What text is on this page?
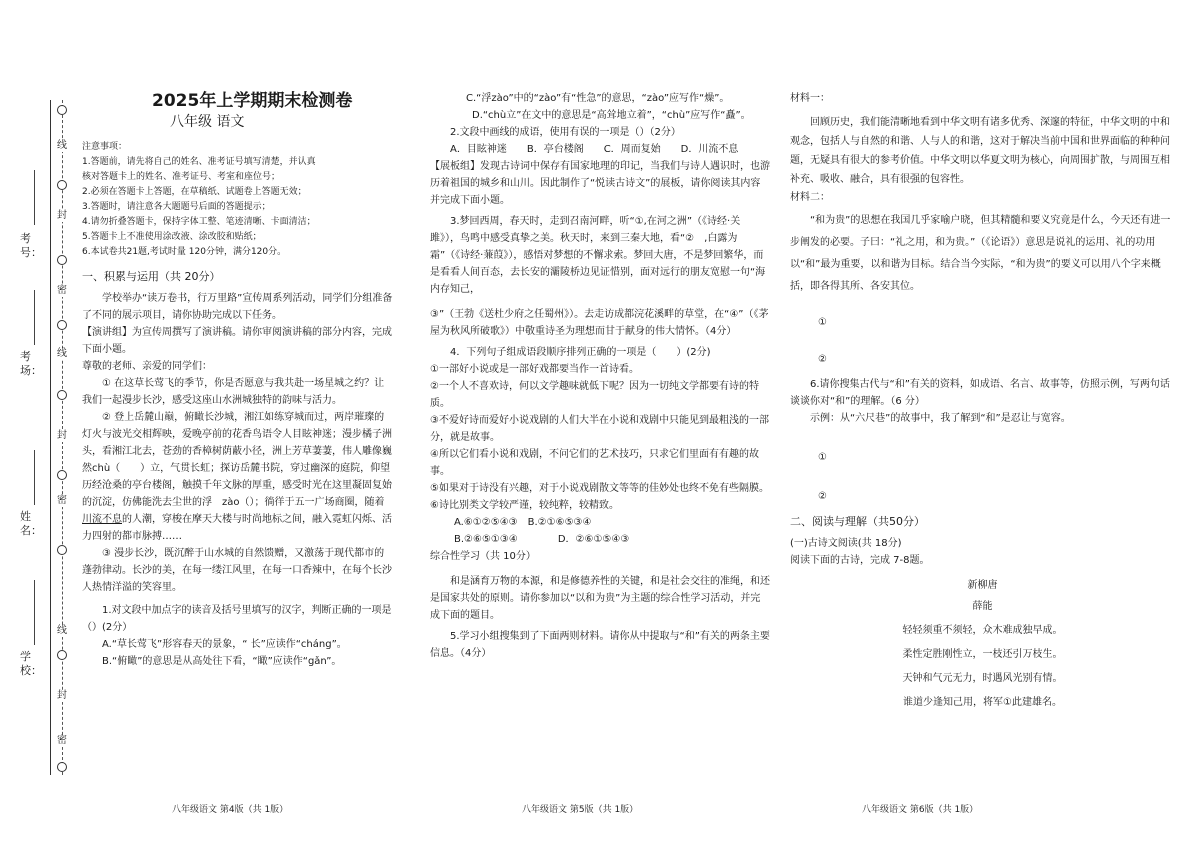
线
封
密
线
封
密
线
封
密
考号：
考场：
姓名：
学校：

2025年上学期期末检测卷

八年级 语文

注意事项：

1.答题前，请先将自己的姓名、准考证号填写清楚，并认真

核对答题卡上的姓名、准考证号、考室和座位号；

2.必须在答题卡上答题，在草稿纸、试题卷上答题无效；

3.答题时，请注意各大题题号后面的答题提示；

4.请勿折叠答题卡，保持字体工整、笔迹清晰、卡面清洁；

5.答题卡上不准使用涂改液、涂改胶和贴纸；

6.本试卷共21题,考试时量 120分钟，满分120分。

一、积累与运用（共 20分）

学校举办“读万卷书，行万里路”宣传周系列活动，同学们分组准备了不同的展示项目，请你协助完成以下任务。

【演讲组】为宣传周撰写了演讲稿。请你审阅演讲稿的部分内容，完成下面小题。

尊敬的老师、亲爱的同学们：

① 在这草长莺飞的季节，你是否愿意与我共赴一场星城之约？让我们一起漫步长沙，感受这座山水洲城独特的韵味与活力。

② 登上岳麓山巅，俯瞰长沙城，湘江如练穿城而过，两岸璀璨的灯火与波光交相辉映，爱晚亭前的花香鸟语令人目眩神迷；漫步橘子洲头，看湘江北去，苍劲的香樟树荫蔽小径，洲上芳草萋萋，伟人雕像巍然chù（　　）立，气贯长虹；探访岳麓书院，穿过幽深的庭院，仰望历经沧桑的亭台楼阁，触摸千年文脉的厚重，感受时光在这里凝固复始的沉淀，仿佛能洗去尘世的浮　zào（）；徜徉于五一广场商圈，随着川流不息的人潮，穿梭在摩天大楼与时尚地标之间，融入霓虹闪烁、活力四射的都市脉搏……

③ 漫步长沙，既沉醉于山水城的自然馈赠，又激荡于现代都市的蓬勃律动。长沙的美，在每一缕江风里，在每一口香辣中，在每个长沙人热情洋溢的笑容里。

1.对文段中加点字的读音及括号里填写的汉字，判断正确的一项是（）(2分）

A.“草长莺飞”形容春天的景象，“ 长”应读作“cháng”。

B.“俯瞰”的意思是从高处往下看，“瞰”应读作“gǎn”。

C.“浮zào”中的“zào”有“性急”的意思，“zào”应写作“燥”。

D.“chù立”在文中的意思是“高耸地立着”，“chù”应写作“矗”。

2.文段中画线的成语，使用有误的一项是（）（2分）

A．目眩神迷　　B．亭台楼阁　　C．周而复始　　D．川流不息

【展板组】发现古诗词中保存有国家地理的印记，当我们与诗人遇识时，也游历着祖国的城乡和山川。因此制作了“悦读古诗文”的展板，请你阅读其内容并完成下面小题。

3.梦回西周，春天时，走到召南河畔，听“①,在河之洲”（《诗经·关雎》），鸟鸣中感受真挚之美。秋天时，来到三秦大地，看“②　,白露为霜”（《诗经·蒹葭》），感悟对梦想的不懈求索。梦回大唐，不是梦回繁华，而是看看人间百态，去长安的灞陵桥边见证惜别，面对远行的朋友宽慰一句“海内存知己，

③”（王勃《送杜少府之任蜀州》）。去走访成都浣花溪畔的草堂，在“④”（《茅屋为秋风所破歌》）中敬重诗圣为理想而甘于献身的伟大情怀。（4分）

4．下列句子组成语段顺序排列正确的一项是（　　）(2分)

①一部好小说或是一部好戏都要当作一首诗看。

②一个人不喜欢诗，何以文学趣味就低下呢？因为一切纯文学都要有诗的特质。

③不爱好诗而爱好小说戏剧的人们大半在小说和戏剧中只能见到最粗浅的一部分，就是故事。

④所以它们看小说和戏剧，不问它们的艺术技巧，只求它们里面有有趣的故事。

⑤如果对于诗没有兴趣，对于小说戏剧散文等等的佳妙处也终不免有些隔膜。

⑥诗比别类文学较严谨，较纯粹，较精致。

A.⑥①②⑤④③　B.②①⑥⑤③④

B.②⑥⑤①③④　　　　D．②⑥①⑤④③

综合性学习（共 10分）

和是涵育万物的本源，和是修德养性的关键，和是社会交往的准绳，和还是国家共处的原则。请你参加以“以和为贵”为主题的综合性学习活动，并完成下面的题目。

5.学习小组搜集到了下面两则材料。请你从中提取与“和”有关的两条主要信息。（4分）

材料一：

回顾历史，我们能清晰地看到中华文明有诸多优秀、深邃的特征，中华文明的中和观念，包括人与自然的和谐、人与人的和谐，这对于解决当前中国和世界面临的种种问题，无疑具有很大的参考价值。中华文明以华夏文明为核心，向周围扩散，与周围互相补充、吸收、融合，具有很强的包容性。

材料二：

“和为贵”的思想在我国几乎家喻户晓，但其精髓和要义究竟是什么，今天还有进一步阐发的必要。子曰：“礼之用，和为贵。”（《论语》）意思是说礼的运用、礼的功用以“和”最为重要，以和谐为目标。结合当今实际，“和为贵”的要义可以用八个字来概括，即各得其所、各安其位。

①

②

6.请你搜集古代与“和”有关的资料，如成语、名言、故事等，仿照示例，写两句话谈谈你对“和”的理解。（6 分）

示例：从“六尺巷”的故事中，我了解到“和”是忍让与宽容。

①

②

二、阅读与理解（共50分）

(一)古诗文阅读(共 18分)

阅读下面的古诗，完成 7-8题。

新柳唐

薛能

轻轻须重不须轻，众木难成独早成。

柔性定胜刚性立，一枝还引万枝生。

天钟和气元无力，时遇风光别有情。

谁道少逢知己用，将军①此建雄名。

八年级语文 第4版（共 1版）	八年级语文 第5版（共 1版）	八年级语文 第6版（共 1版）
